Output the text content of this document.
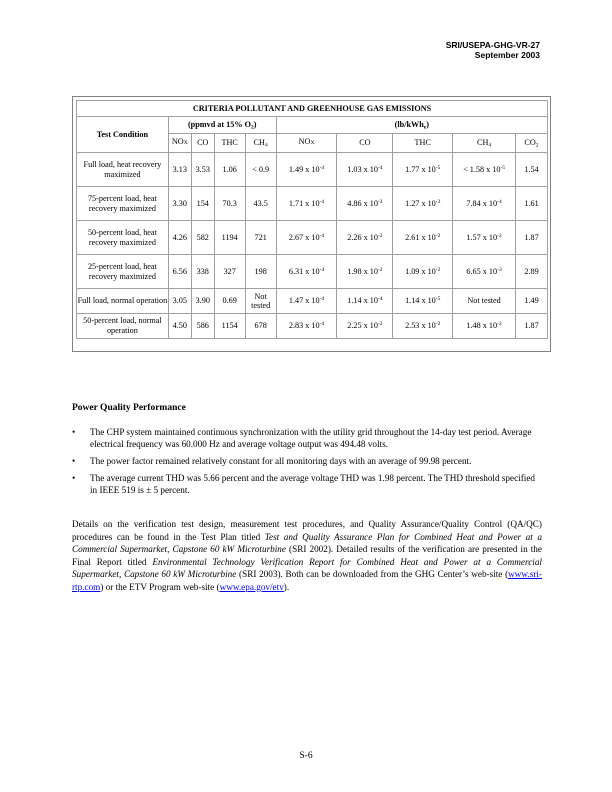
SRI/USEPA-GHG-VR-27
September 2003
CRITERIA POLLUTANT AND GREENHOUSE GAS EMISSIONS									
Test Condition	(ppmvd at 15% $O_2$)				(lb/kWh$_e$)				
	NOX	CO	THC	$CH_4$	NOX	CO	THC	$CH_4$	$CO_2$
Full load, heat recovery maximized	3.13	3.53	1.06	< 0.9	1.49 x $10^{-4}$	1.03 x $10^{-4}$	1.77 x $10^{-5}$	< 1.58 x $10^{-5}$	1.54
75-percent load, heat recovery maximized	3.30	154	70.3	43.5	1.71 x $10^{-4}$	4.86 x $10^{-3}$	1.27 x $10^{-3}$	7.84 x $10^{-4}$	1.61
50-percent load, heat recovery maximized	4.26	582	1194	721	2.67 x $10^{-4}$	2.26 x $10^{-2}$	2.61 x $10^{-2}$	1.57 x $10^{-2}$	1.87
25-percent load, heat recovery maximized	6.56	338	327	198	6.31 x $10^{-4}$	1.98 x $10^{-2}$	1.09 x $10^{-2}$	6.65 x $10^{-3}$	2.89
Full load, normal operation	3.05	3.90	0.69	Not tested	1.47 x $10^{-4}$	1.14 x $10^{-4}$	1.14 x $10^{-5}$	Not tested	1.49
50-percent load, normal operation	4.50	586	1154	678	2.83 x $10^{-4}$	2.25 x $10^{-2}$	2.53 x $10^{-2}$	1.48 x $10^{-2}$	1.87
Power Quality Performance
• The CHP system maintained continuous synchronization with the utility grid throughout the 14-day test period. Average electrical frequency was 60.000 Hz and average voltage output was 494.48 volts.
• The power factor remained relatively constant for all monitoring days with an average of 99.98 percent.
• The average current THD was 5.66 percent and the average voltage THD was 1.98 percent. The THD threshold specified in IEEE 519 is ± 5 percent.

Details on the verification test design, measurement test procedures, and Quality Assurance/Quality Control (QA/QC) procedures can be found in the Test Plan titled Test and Quality Assurance Plan for Combined Heat and Power at a Commercial Supermarket, Capstone 60 kW Microturbine (SRI 2002). Detailed results of the verification are presented in the Final Report titled Environmental Technology Verification Report for Combined Heat and Power at a Commercial Supermarket, Capstone 60 kW Microturbine (SRI 2003). Both can be downloaded from the GHG Center’s web-site (www.sri-rtp.com) or the ETV Program web-site (www.epa.gov/etv).

S-6
